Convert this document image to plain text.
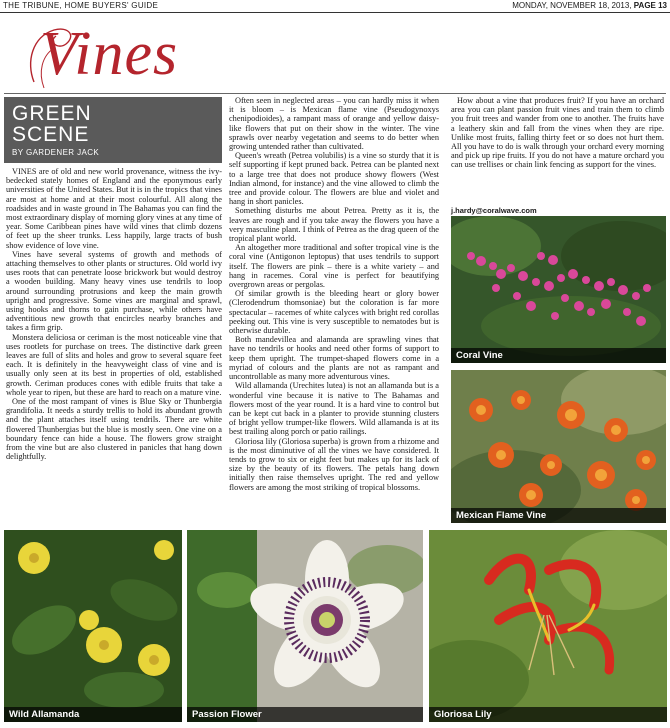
THE TRIBUNE, HOME BUYERS' GUIDE	MONDAY, NOVEMBER 18, 2013, PAGE 13
Vines
GREEN
SCENE
BY GARDENER JACK

VINES are of old and new world provenance, witness the ivy-bedecked stately homes of England and the eponymous early universities of the United States. But it is in the tropics that vines are most at home and at their most colourful. All along the roadsides and in waste ground in The Bahamas you can find the most extraordinary display of morning glory vines at any time of year. Some Caribbean pines have wild vines that climb dozens of feet up the sheer trunks. Less happily, large tracts of bush show evidence of love vine.

Vines have several systems of growth and methods of attaching themselves to other plants or structures. Old world ivy uses roots that can penetrate loose brickwork but would destroy a wooden building. Many heavy vines use tendrils to loop around surrounding protrusions and keep the main growth upright and progressive. Some vines are marginal and sprawl, using hooks and thorns to gain purchase, while others have adventitious new growth that encircles nearby branches and takes a firm grip.

Monstera deliciosa or ceriman is the most noticeable vine that uses rootlets for purchase on trees. The distinctive dark green leaves are full of slits and holes and grow to several square feet each. It is definitely in the heavyweight class of vine and is usually only seen at its best in properties of old, established growth. Ceriman produces cones with edible fruits that take a whole year to ripen, but these are hard to reach on a mature vine.

One of the most rampant of vines is Blue Sky or Thunbergia grandifolia. It needs a sturdy trellis to hold its abundant growth and the plant attaches itself using tendrils. There are white flowered Thunbergias but the blue is mostly seen. One vine on a boundary fence can hide a house. The flowers grow straight from the vine but are also clustered in panicles that hang down delightfully.

Often seen in neglected areas – you can hardly miss it when it is bloom – is Mexican flame vine (Pseudogynoxys chenipodioides), a rampant mass of orange and yellow daisy-like flowers that put on their show in the winter. The vine sprawls over nearby vegetation and seems to do better when growing untended rather than cultivated.

Queen's wreath (Petrea volubilis) is a vine so sturdy that it is self supporting if kept pruned back. Petrea can be planted next to a large tree that does not produce showy flowers (West Indian almond, for instance) and the vine allowed to climb the tree and provide colour. The flowers are blue and violet and hang in short panicles.

Something disturbs me about Petrea. Pretty as it is, the leaves are rough and if you take away the flowers you have a very masculine plant. I think of Petrea as the drag queen of the tropical plant world.

An altogether more traditional and softer tropical vine is the coral vine (Antigonon leptopus) that uses tendrils to support itself. The flowers are pink – there is a white variety – and hang in racemes. Coral vine is perfect for beautifying overgrown areas or pergolas.

Of similar growth is the bleeding heart or glory bower (Clerodendrum thomsoniae) but the coloration is far more spectacular – racemes of white calyces with bright red corollas peeking out. This vine is very susceptible to nematodes but is otherwise durable.

Both mandevillea and alamanda are sprawling vines that have no tendrils or hooks and need other forms of support to keep them upright. The trumpet-shaped flowers come in a myriad of colours and the plants are not as rampant and uncontrollable as many more adventurous vines.

Wild allamanda (Urechites lutea) is not an allamanda but is a wonderful vine because it is native to The Bahamas and flowers most of the year round. It is a hard vine to control but can be kept cut back in a planter to provide stunning clusters of bright yellow trumpet-like flowers. Wild allamanda is at its best trailing along porch or patio railings.

Gloriosa lily (Gloriosa superba) is grown from a rhizome and is the most diminutive of all the vines we have considered. It tends to grow to six or eight feet but makes up for its lack of size by the beauty of its flowers. The petals hang down initially then raise themselves upright. The red and yellow flowers are among the most striking of tropical blossoms.

How about a vine that produces fruit? If you have an orchard area you can plant passion fruit vines and train them to climb you fruit trees and wander from one to another. The fruits have a leathery skin and fall from the vines when they are ripe. Unlike most fruits, falling thirty feet or so does not hurt them. All you have to do is walk through your orchard every morning and pick up ripe fruits. If you do not have a mature orchard you can use trellises or chain link fencing as support for the vines.

j.hardy@coralwave.com
Coral Vine
Mexican Flame Vine
Wild Allamanda	Passion Flower	Gloriosa Lily
